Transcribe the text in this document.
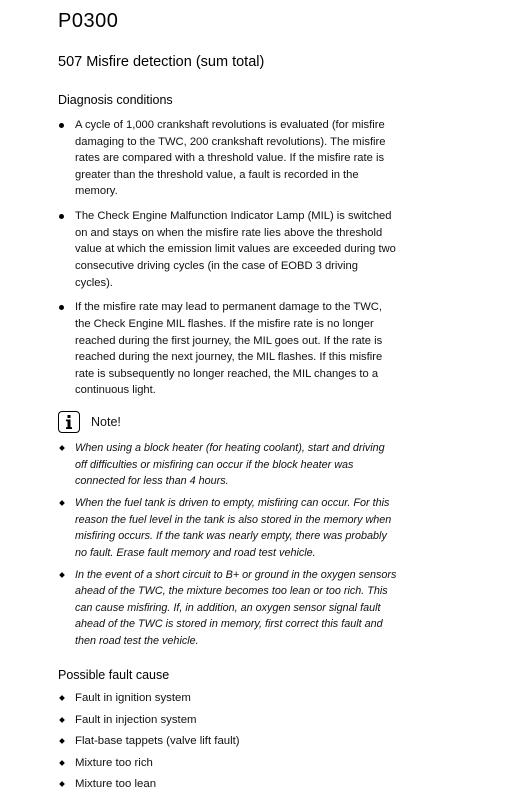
P0300
507 Misfire detection (sum total)
Diagnosis conditions
A cycle of 1,000 crankshaft revolutions is evaluated (for misfire damaging to the TWC, 200 crankshaft revolutions). The misfire rates are compared with a threshold value. If the misfire rate is greater than the threshold value, a fault is recorded in the memory.
The Check Engine Malfunction Indicator Lamp (MIL) is switched on and stays on when the misfire rate lies above the threshold value at which the emission limit values are exceeded during two consecutive driving cycles (in the case of EOBD 3 driving cycles).
If the misfire rate may lead to permanent damage to the TWC, the Check Engine MIL flashes. If the misfire rate is no longer reached during the first journey, the MIL goes out. If the rate is reached during the next journey, the MIL flashes. If this misfire rate is subsequently no longer reached, the MIL changes to a continuous light.
Note!
When using a block heater (for heating coolant), start and driving off difficulties or misfiring can occur if the block heater was connected for less than 4 hours.
When the fuel tank is driven to empty, misfiring can occur. For this reason the fuel level in the tank is also stored in the memory when misfiring occurs. If the tank was nearly empty, there was probably no fault. Erase fault memory and road test vehicle.
In the event of a short circuit to B+ or ground in the oxygen sensors ahead of the TWC, the mixture becomes too lean or too rich. This can cause misfiring. If, in addition, an oxygen sensor signal fault ahead of the TWC is stored in memory, first correct this fault and then road test the vehicle.
Possible fault cause
Fault in ignition system
Fault in injection system
Flat-base tappets (valve lift fault)
Mixture too rich
Mixture too lean
